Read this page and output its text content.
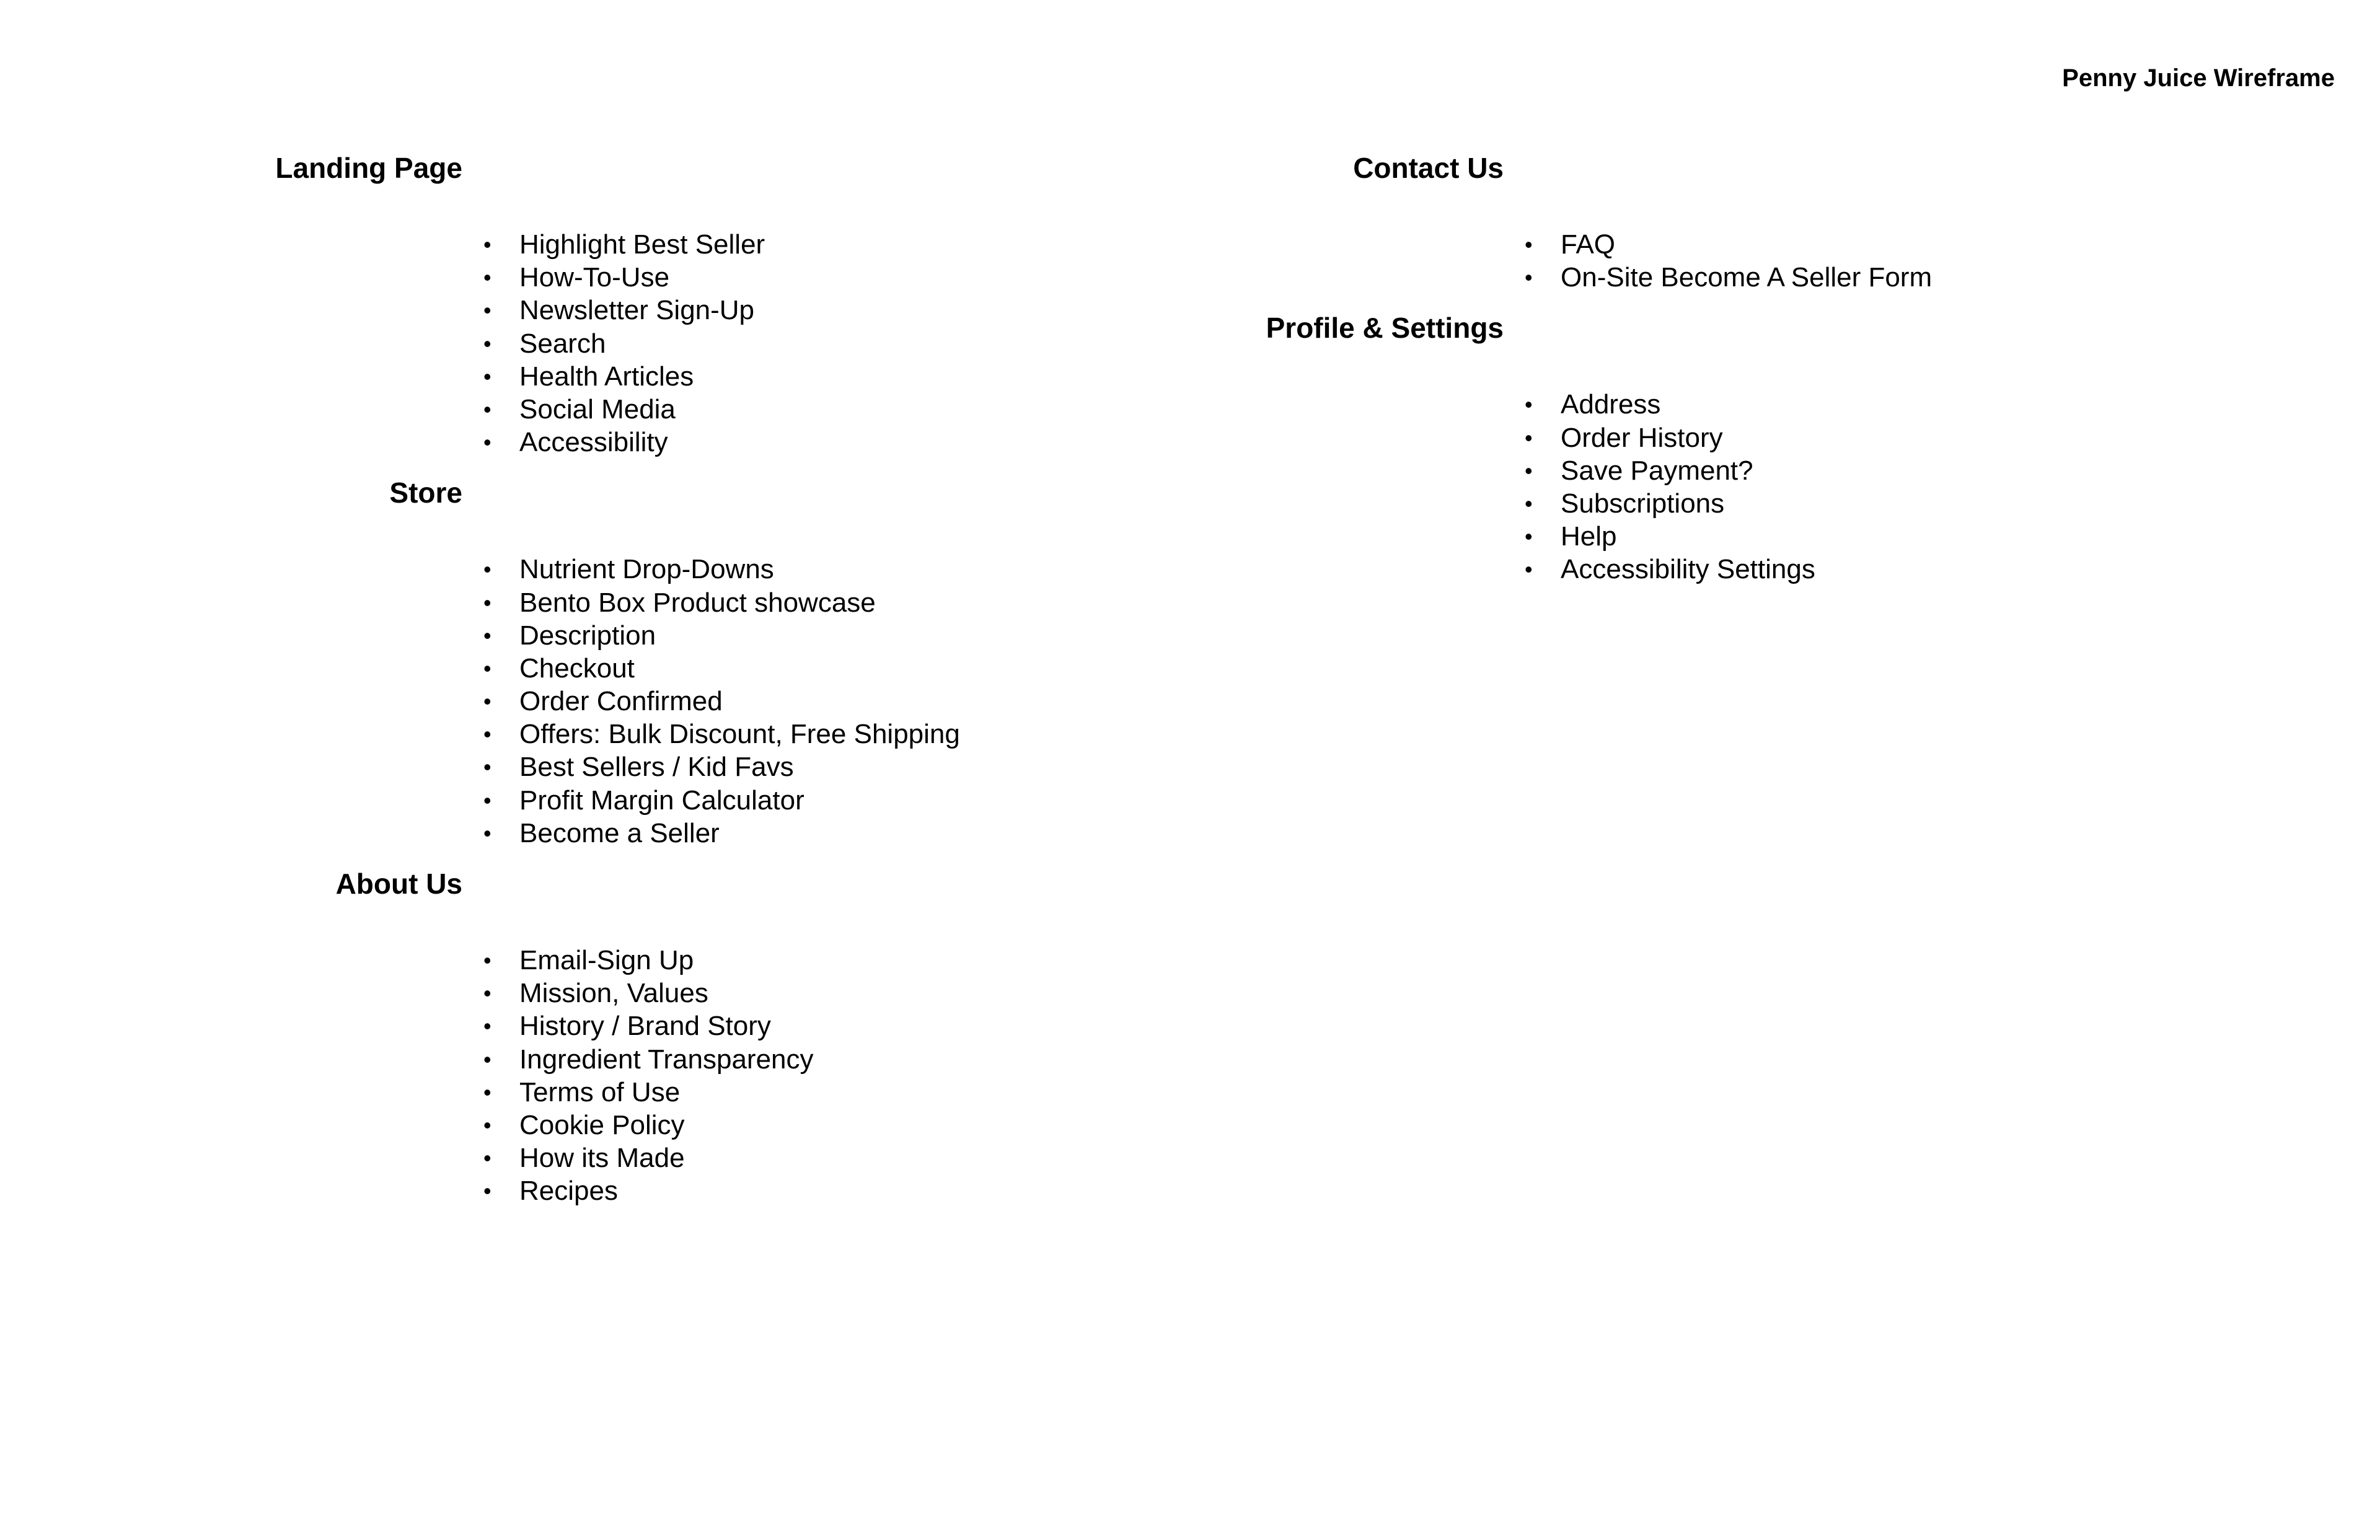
Penny Juice Wireframe
Landing Page
• Highlight Best Seller
• How-To-Use
• Newsletter Sign-Up
• Search
• Health Articles
• Social Media
• Accessibility
Store
• Nutrient Drop-Downs
• Bento Box Product showcase
• Description
• Checkout
• Order Confirmed
• Offers: Bulk Discount, Free Shipping
• Best Sellers / Kid Favs
• Profit Margin Calculator
• Become a Seller
About Us
• Email-Sign Up
• Mission, Values
• History / Brand Story
• Ingredient Transparency
• Terms of Use
• Cookie Policy
• How its Made
• Recipes
Contact Us
• FAQ
• On-Site Become A Seller Form
Profile & Settings
• Address
• Order History
• Save Payment?
• Subscriptions
• Help
• Accessibility Settings
